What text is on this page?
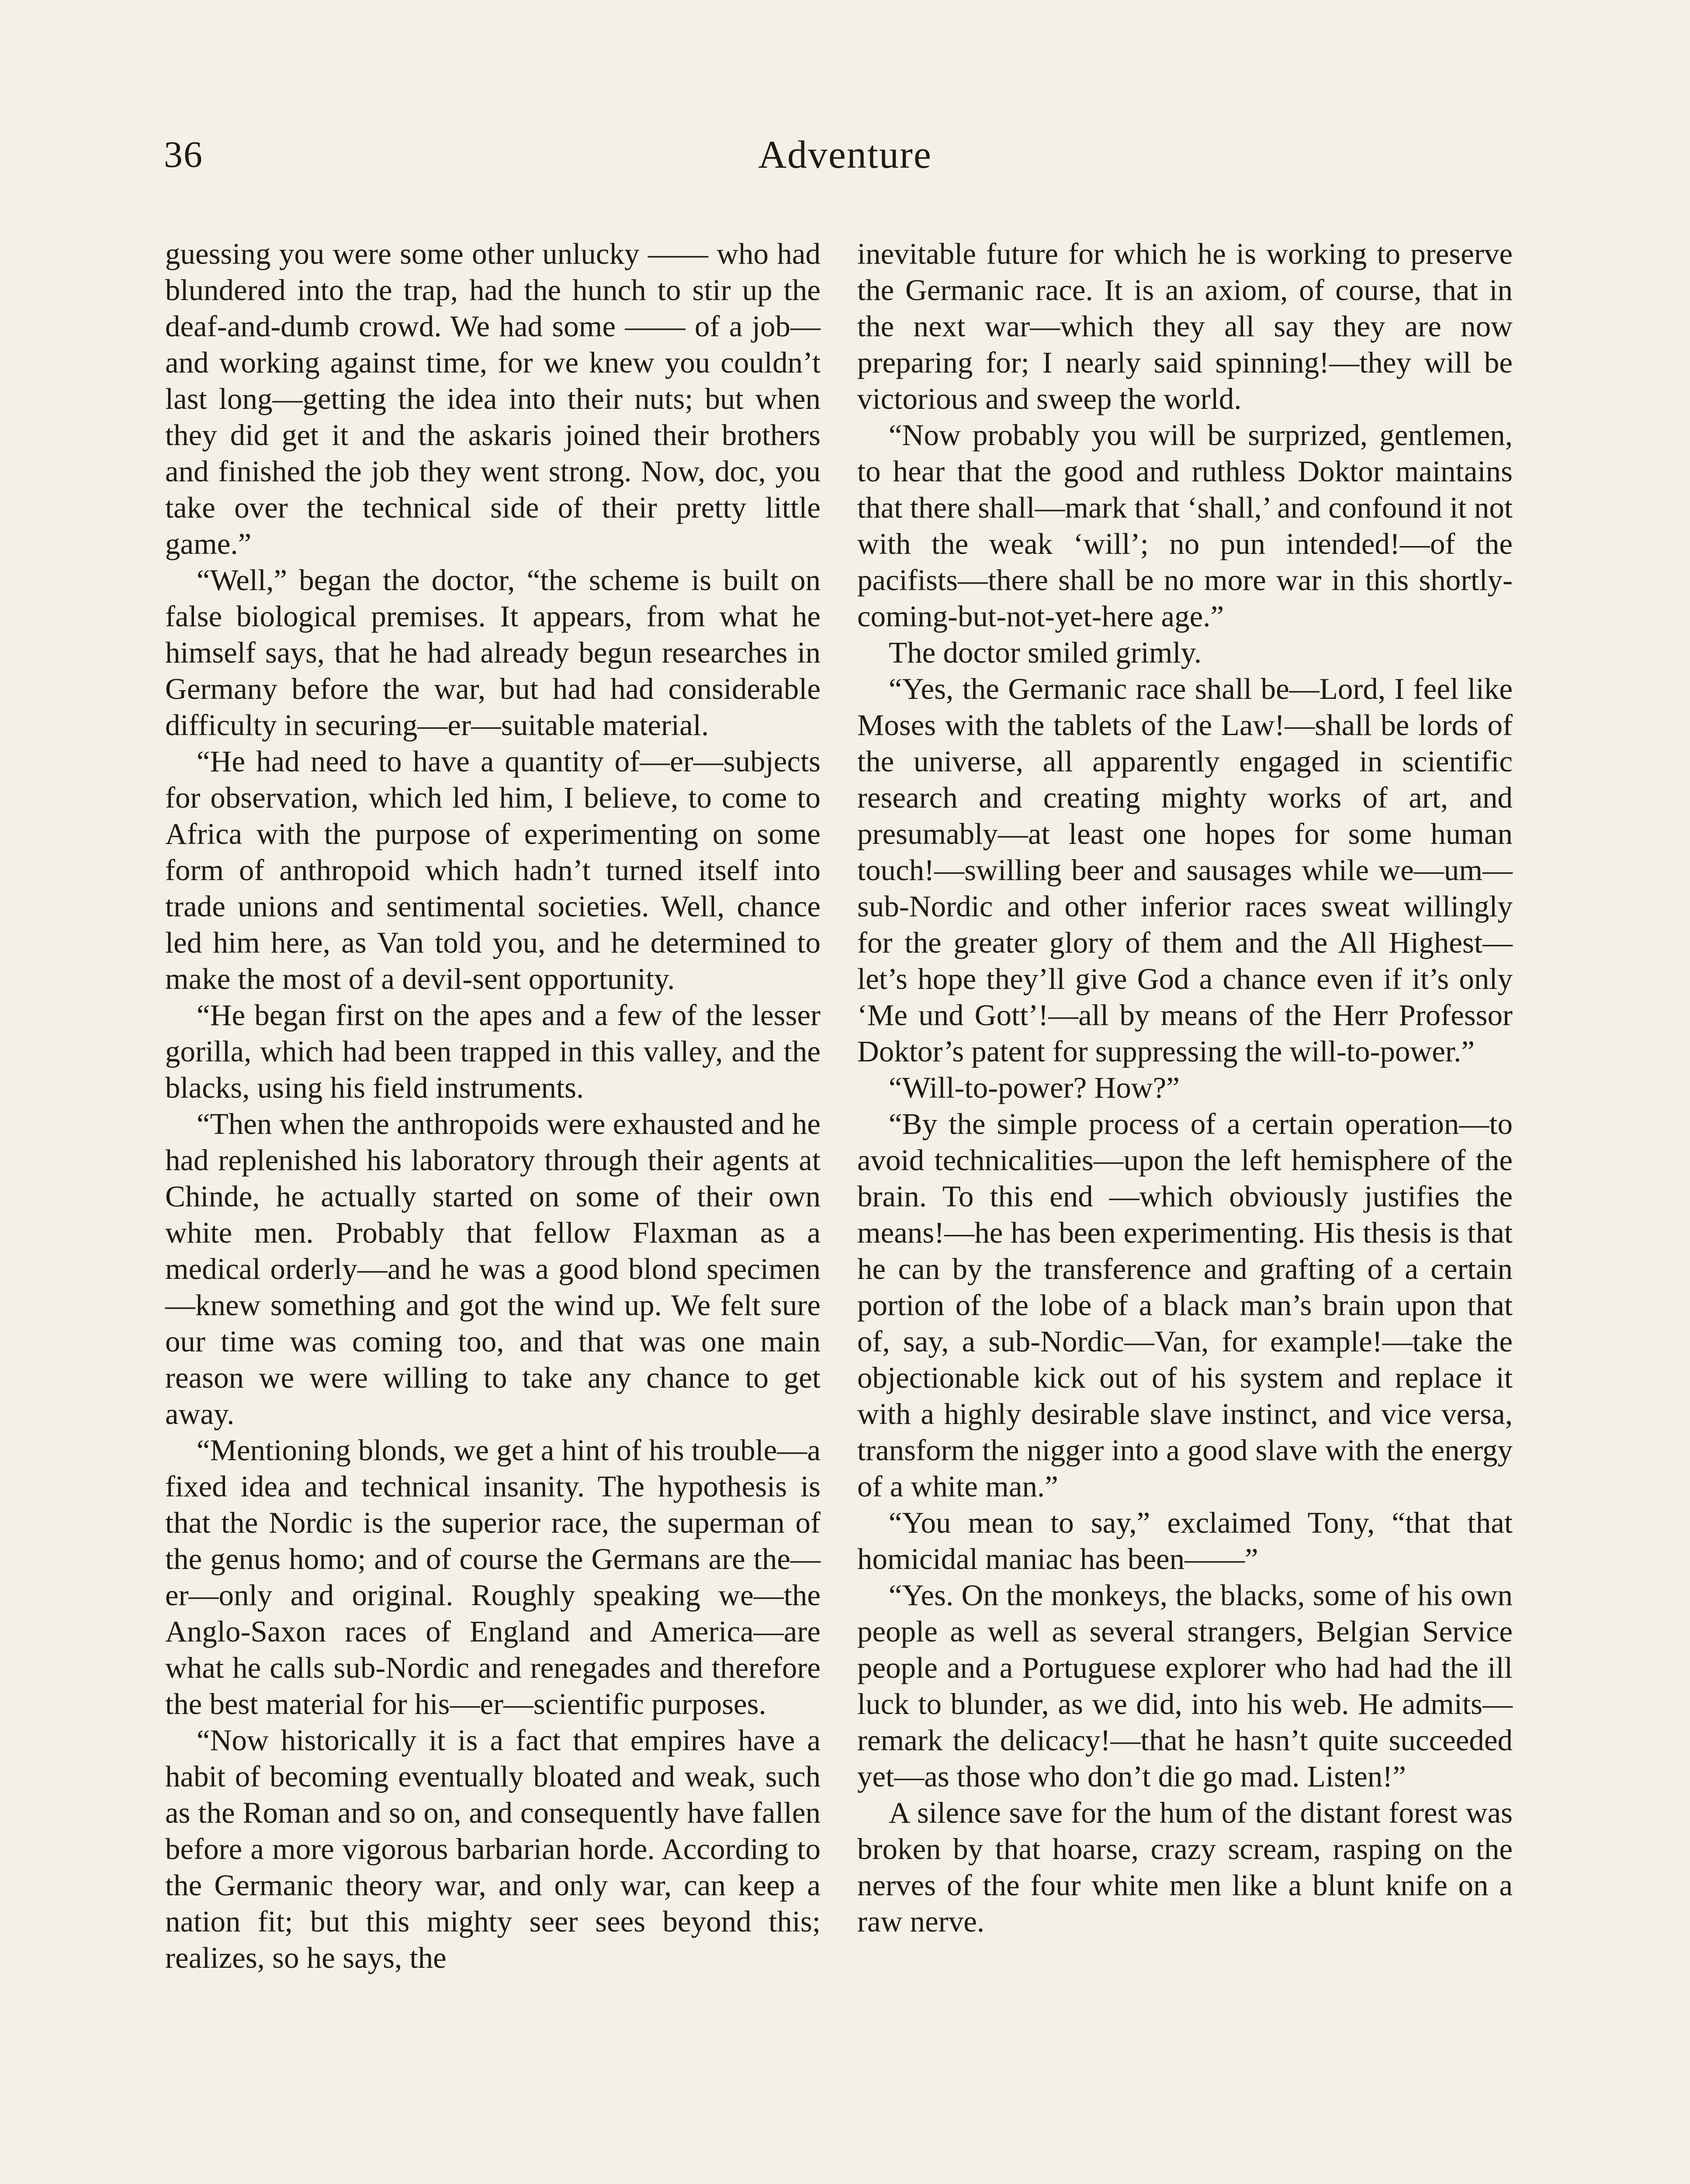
36	Adventure

guessing you were some other unlucky —— who had blundered into the trap, had the hunch to stir up the deaf-and-dumb crowd. We had some —— of a job—and working against time, for we knew you couldn’t last long—getting the idea into their nuts; but when they did get it and the askaris joined their brothers and finished the job they went strong. Now, doc, you take over the technical side of their pretty little game.”

“Well,” began the doctor, “the scheme is built on false biological premises. It appears, from what he himself says, that he had already begun researches in Germany before the war, but had had considerable difficulty in securing—er—suitable material.

“He had need to have a quantity of—er—subjects for observation, which led him, I believe, to come to Africa with the purpose of experimenting on some form of anthropoid which hadn’t turned itself into trade unions and sentimental societies. Well, chance led him here, as Van told you, and he determined to make the most of a devil-sent opportunity.

“He began first on the apes and a few of the lesser gorilla, which had been trapped in this valley, and the blacks, using his field instruments.

“Then when the anthropoids were exhausted and he had replenished his laboratory through their agents at Chinde, he actually started on some of their own white men. Probably that fellow Flaxman as a medical orderly—and he was a good blond specimen—knew something and got the wind up. We felt sure our time was coming too, and that was one main reason we were willing to take any chance to get away.

“Mentioning blonds, we get a hint of his trouble—a fixed idea and technical insanity. The hypothesis is that the Nordic is the superior race, the superman of the genus homo; and of course the Germans are the—er—only and original. Roughly speaking we—the Anglo-Saxon races of England and America—are what he calls sub-Nordic and renegades and therefore the best material for his—er—scientific purposes.

“Now historically it is a fact that empires have a habit of becoming eventually bloated and weak, such as the Roman and so on, and consequently have fallen before a more vigorous barbarian horde. According to the Germanic theory war, and only war, can keep a nation fit; but this mighty seer sees beyond this; realizes, so he says, the

inevitable future for which he is working to preserve the Germanic race. It is an axiom, of course, that in the next war—which they all say they are now preparing for; I nearly said spinning!—they will be victorious and sweep the world.

“Now probably you will be surprized, gentlemen, to hear that the good and ruthless Doktor maintains that there shall—mark that ‘shall,’ and confound it not with the weak ‘will’; no pun intended!—of the pacifists—there shall be no more war in this shortly-coming-but-not-yet-here age.”

The doctor smiled grimly.

“Yes, the Germanic race shall be—Lord, I feel like Moses with the tablets of the Law!—shall be lords of the universe, all apparently engaged in scientific research and creating mighty works of art, and presumably—at least one hopes for some human touch!—swilling beer and sausages while we—um—sub-Nordic and other inferior races sweat willingly for the greater glory of them and the All Highest—let’s hope they’ll give God a chance even if it’s only ‘Me und Gott’!—all by means of the Herr Professor Doktor’s patent for suppressing the will-to-power.”

“Will-to-power? How?”

“By the simple process of a certain operation—to avoid technicalities—upon the left hemisphere of the brain. To this end —which obviously justifies the means!—he has been experimenting. His thesis is that he can by the transference and grafting of a certain portion of the lobe of a black man’s brain upon that of, say, a sub-Nordic—Van, for example!—take the objectionable kick out of his system and replace it with a highly desirable slave instinct, and vice versa, transform the nigger into a good slave with the energy of a white man.”

“You mean to say,” exclaimed Tony, “that that homicidal maniac has been——”

“Yes. On the monkeys, the blacks, some of his own people as well as several strangers, Belgian Service people and a Portuguese explorer who had had the ill luck to blunder, as we did, into his web. He admits—remark the delicacy!—that he hasn’t quite succeeded yet—as those who don’t die go mad. Listen!”

A silence save for the hum of the distant forest was broken by that hoarse, crazy scream, rasping on the nerves of the four white men like a blunt knife on a raw nerve.
